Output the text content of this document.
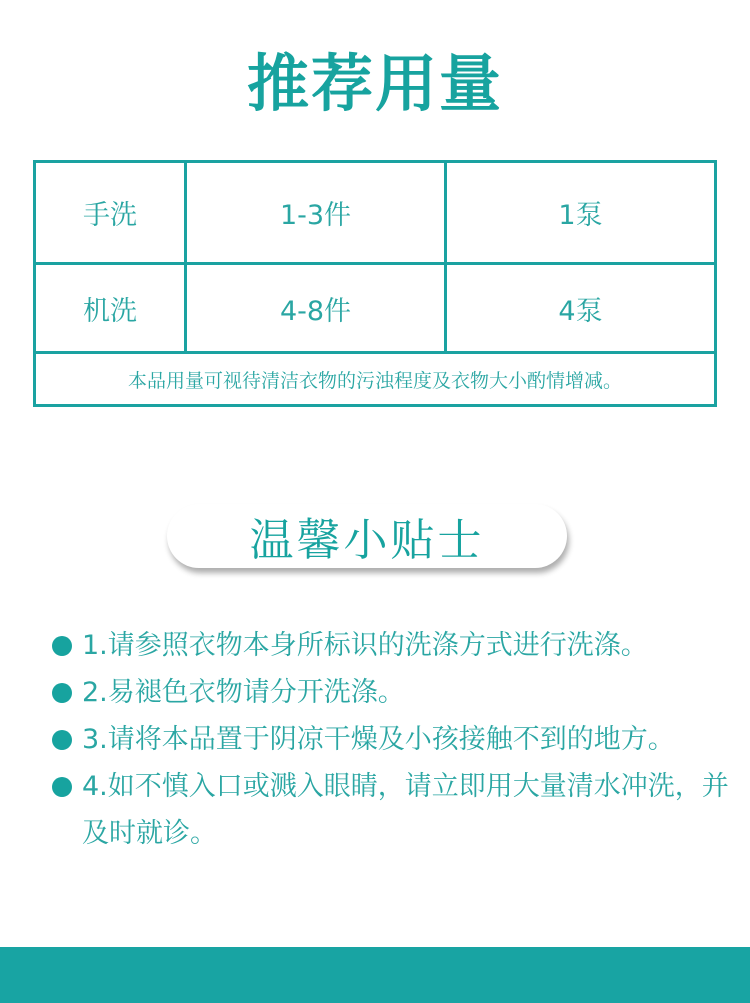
推荐用量
手洗	1-3件	1泵
机洗	4-8件	4泵
本品用量可视待清洁衣物的污浊程度及衣物大小酌情增减。
温馨小贴士
1.请参照衣物本身所标识的洗涤方式进行洗涤。
2.易褪色衣物请分开洗涤。
3.请将本品置于阴凉干燥及小孩接触不到的地方。
4.如不慎入口或溅入眼睛，请立即用大量清水冲洗，并及时就诊。
